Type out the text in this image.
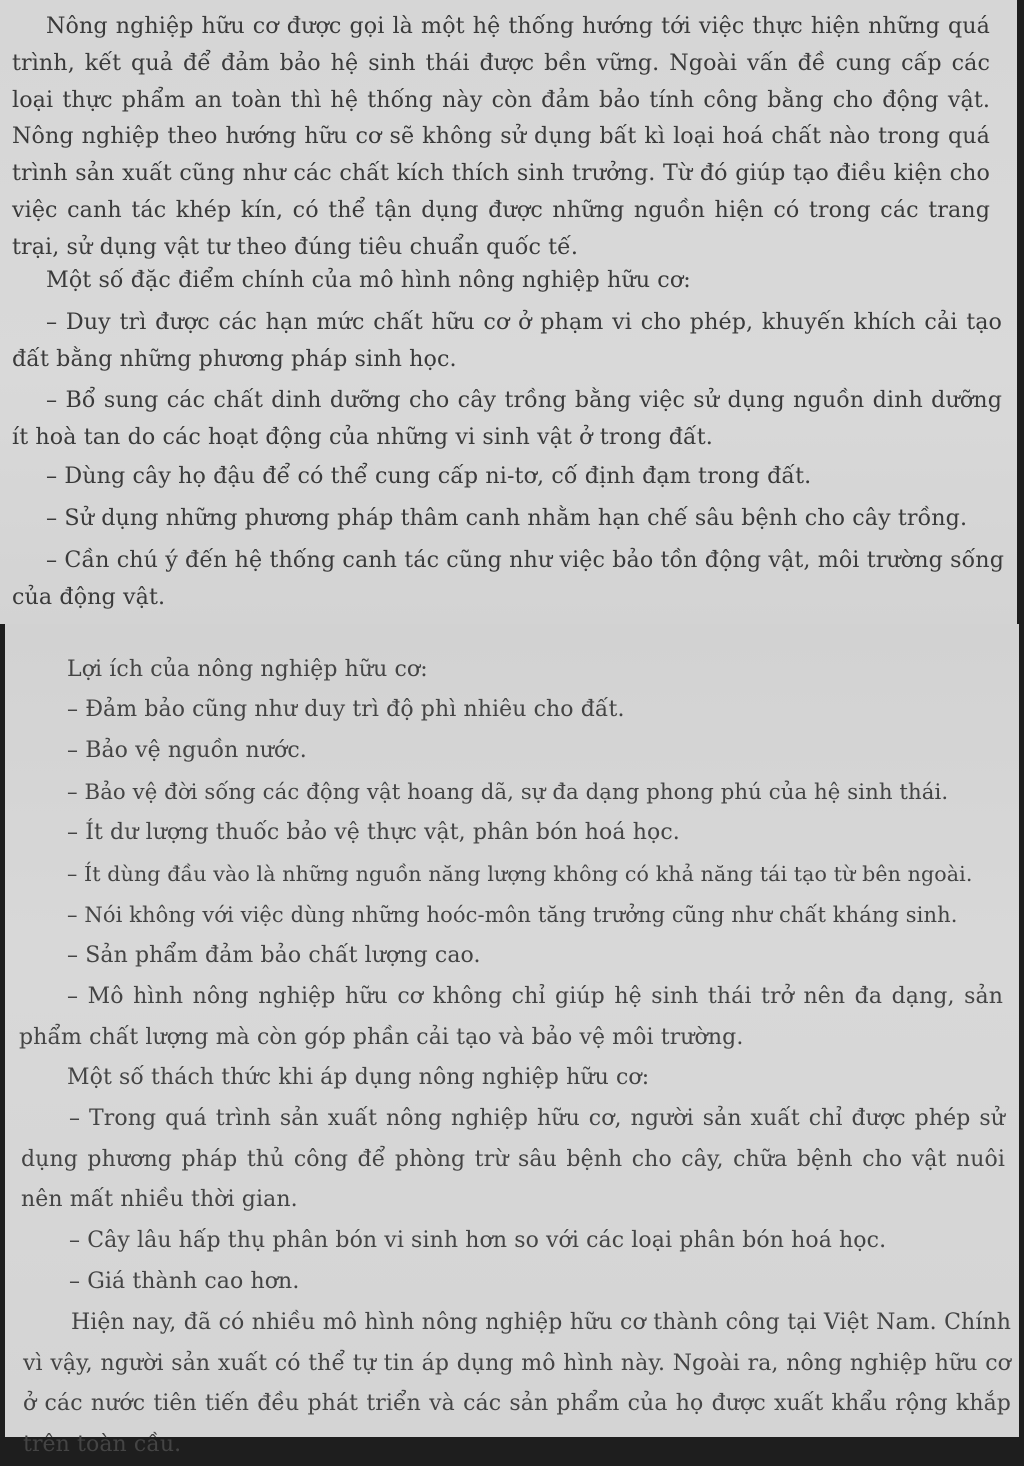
Nông nghiệp hữu cơ được gọi là một hệ thống hướng tới việc thực hiện những quá trình, kết quả để đảm bảo hệ sinh thái được bền vững. Ngoài vấn đề cung cấp các loại thực phẩm an toàn thì hệ thống này còn đảm bảo tính công bằng cho động vật. Nông nghiệp theo hướng hữu cơ sẽ không sử dụng bất kì loại hoá chất nào trong quá trình sản xuất cũng như các chất kích thích sinh trưởng. Từ đó giúp tạo điều kiện cho việc canh tác khép kín, có thể tận dụng được những nguồn hiện có trong các trang trại, sử dụng vật tư theo đúng tiêu chuẩn quốc tế.

Một số đặc điểm chính của mô hình nông nghiệp hữu cơ:

– Duy trì được các hạn mức chất hữu cơ ở phạm vi cho phép, khuyến khích cải tạo đất bằng những phương pháp sinh học.

– Bổ sung các chất dinh dưỡng cho cây trồng bằng việc sử dụng nguồn dinh dưỡng ít hoà tan do các hoạt động của những vi sinh vật ở trong đất.

– Dùng cây họ đậu để có thể cung cấp ni-tơ, cố định đạm trong đất.

– Sử dụng những phương pháp thâm canh nhằm hạn chế sâu bệnh cho cây trồng.

– Cần chú ý đến hệ thống canh tác cũng như việc bảo tồn động vật, môi trường sống của động vật.

Lợi ích của nông nghiệp hữu cơ:

– Đảm bảo cũng như duy trì độ phì nhiêu cho đất.

– Bảo vệ nguồn nước.

– Bảo vệ đời sống các động vật hoang dã, sự đa dạng phong phú của hệ sinh thái.

– Ít dư lượng thuốc bảo vệ thực vật, phân bón hoá học.

– Ít dùng đầu vào là những nguồn năng lượng không có khả năng tái tạo từ bên ngoài.

– Nói không với việc dùng những hoóc-môn tăng trưởng cũng như chất kháng sinh.

– Sản phẩm đảm bảo chất lượng cao.

– Mô hình nông nghiệp hữu cơ không chỉ giúp hệ sinh thái trở nên đa dạng, sản phẩm chất lượng mà còn góp phần cải tạo và bảo vệ môi trường.

Một số thách thức khi áp dụng nông nghiệp hữu cơ:

– Trong quá trình sản xuất nông nghiệp hữu cơ, người sản xuất chỉ được phép sử dụng phương pháp thủ công để phòng trừ sâu bệnh cho cây, chữa bệnh cho vật nuôi nên mất nhiều thời gian.

– Cây lâu hấp thụ phân bón vi sinh hơn so với các loại phân bón hoá học.

– Giá thành cao hơn.

Hiện nay, đã có nhiều mô hình nông nghiệp hữu cơ thành công tại Việt Nam. Chính vì vậy, người sản xuất có thể tự tin áp dụng mô hình này. Ngoài ra, nông nghiệp hữu cơ ở các nước tiên tiến đều phát triển và các sản phẩm của họ được xuất khẩu rộng khắp trên toàn cầu.
